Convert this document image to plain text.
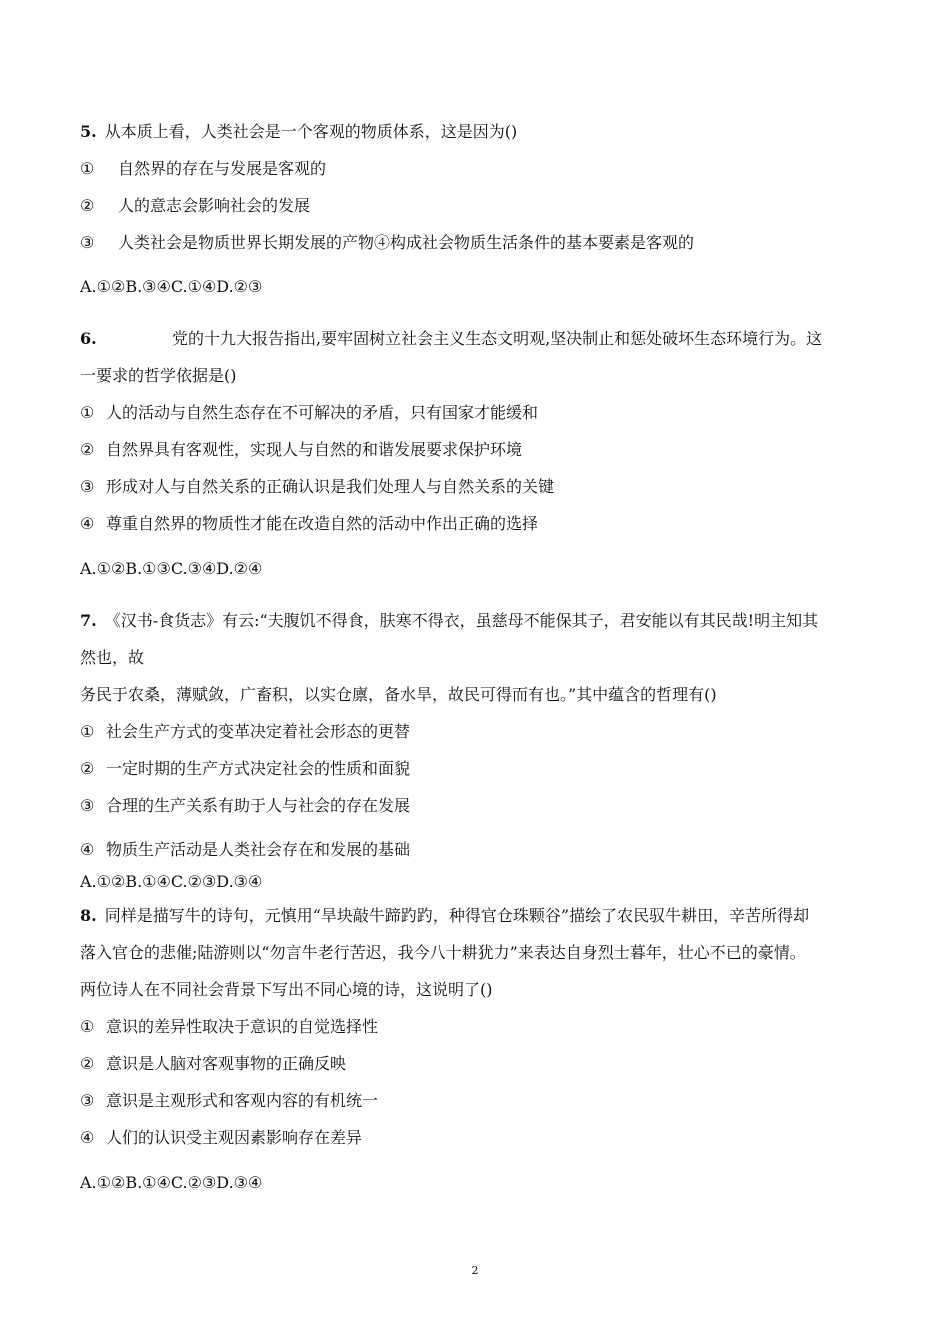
5. 从本质上看，人类社会是一个客观的物质体系，这是因为()
① 自然界的存在与发展是客观的
② 人的意志会影响社会的发展
③ 人类社会是物质世界长期发展的产物④构成社会物质生活条件的基本要素是客观的
A.①②B.③④C.①④D.②③
6.	党的十九大报告指出,要牢固树立社会主义生态文明观,坚决制止和惩处破坏生态环境行为。这
一要求的哲学依据是()
① 人的活动与自然生态存在不可解决的矛盾，只有国家才能缓和
② 自然界具有客观性，实现人与自然的和谐发展要求保护环境
③ 形成对人与自然关系的正确认识是我们处理人与自然关系的关键
④ 尊重自然界的物质性才能在改造自然的活动中作出正确的选择
A.①②B.①③C.③④D.②④
7. 《汉书-食货志》有云:“夫腹饥不得食，肤寒不得衣，虽慈母不能保其子，君安能以有其民哉!明主知其
然也，故
务民于农桑，薄赋敛，广畜积，以实仓廪，备水旱，故民可得而有也。”其中蕴含的哲理有()
① 社会生产方式的变革决定着社会形态的更替
② 一定时期的生产方式决定社会的性质和面貌
③ 合理的生产关系有助于人与社会的存在发展
④ 物质生产活动是人类社会存在和发展的基础
A.①②B.①④C.②③D.③④
8. 同样是描写牛的诗句，元慎用“旱块敲牛蹄趵趵，种得官仓珠颗谷”描绘了农民驭牛耕田，辛苦所得却
落入官仓的悲催;陆游则以“勿言牛老行苦迟，我今八十耕犹力”来表达自身烈士暮年，壮心不已的豪情。
两位诗人在不同社会背景下写出不同心境的诗，这说明了()
① 意识的差异性取决于意识的自觉选择性
② 意识是人脑对客观事物的正确反映
③ 意识是主观形式和客观内容的有机统一
④ 人们的认识受主观因素影响存在差异
A.①②B.①④C.②③D.③④
2
